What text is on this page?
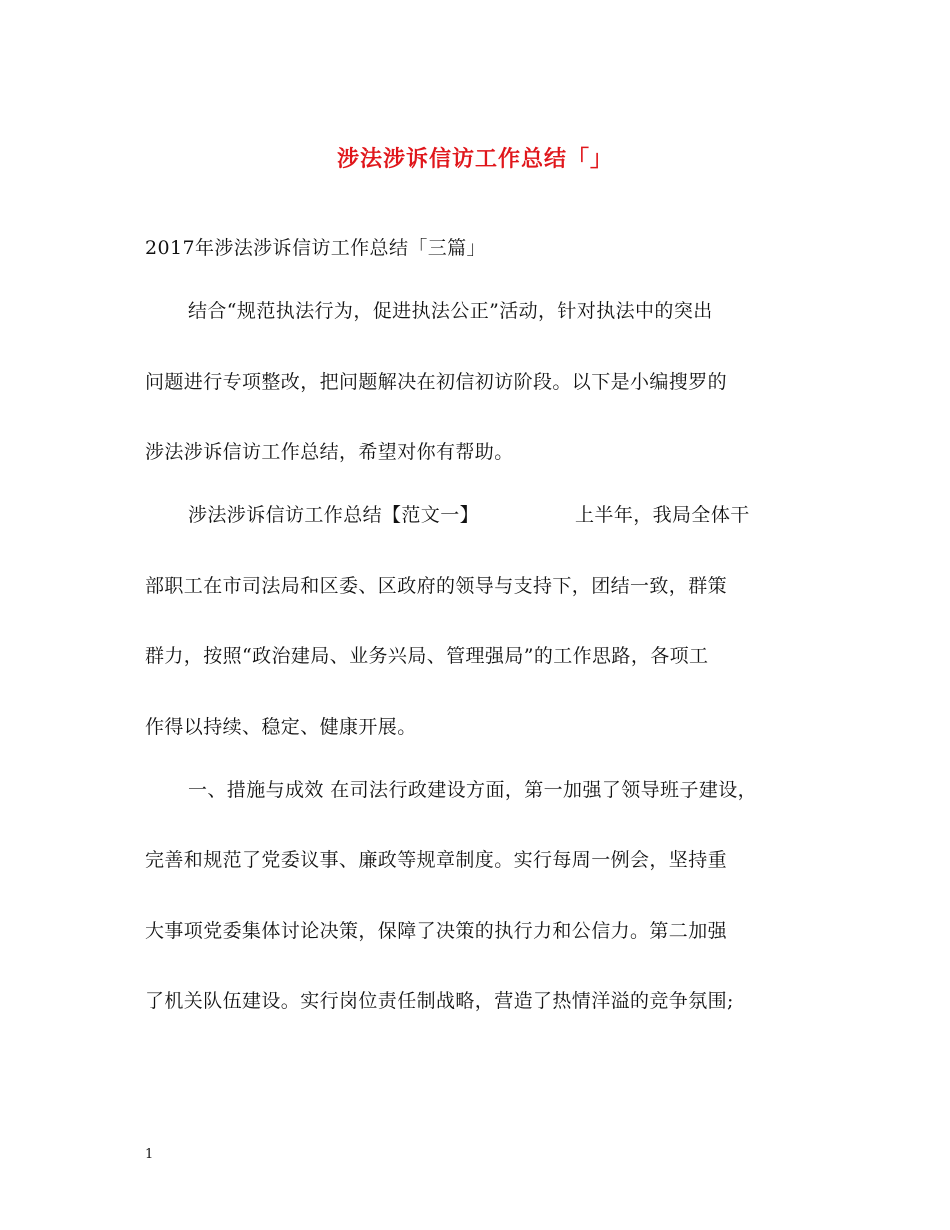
涉法涉诉信访工作总结「」
2017年涉法涉诉信访工作总结「三篇」
结合“规范执法行为，促进执法公正”活动，针对执法中的突出
问题进行专项整改，把问题解决在初信初访阶段。以下是小编搜罗的
涉法涉诉信访工作总结，希望对你有帮助。
涉法涉诉信访工作总结【范文一】	上半年，我局全体干
部职工在市司法局和区委、区政府的领导与支持下，团结一致，群策
群力，按照“政治建局、业务兴局、管理强局”的工作思路，各项工
作得以持续、稳定、健康开展。
一、措施与成效 在司法行政建设方面，第一加强了领导班子建设，
完善和规范了党委议事、廉政等规章制度。实行每周一例会，坚持重
大事项党委集体讨论决策，保障了决策的执行力和公信力。第二加强
了机关队伍建设。实行岗位责任制战略，营造了热情洋溢的竞争氛围;
1
